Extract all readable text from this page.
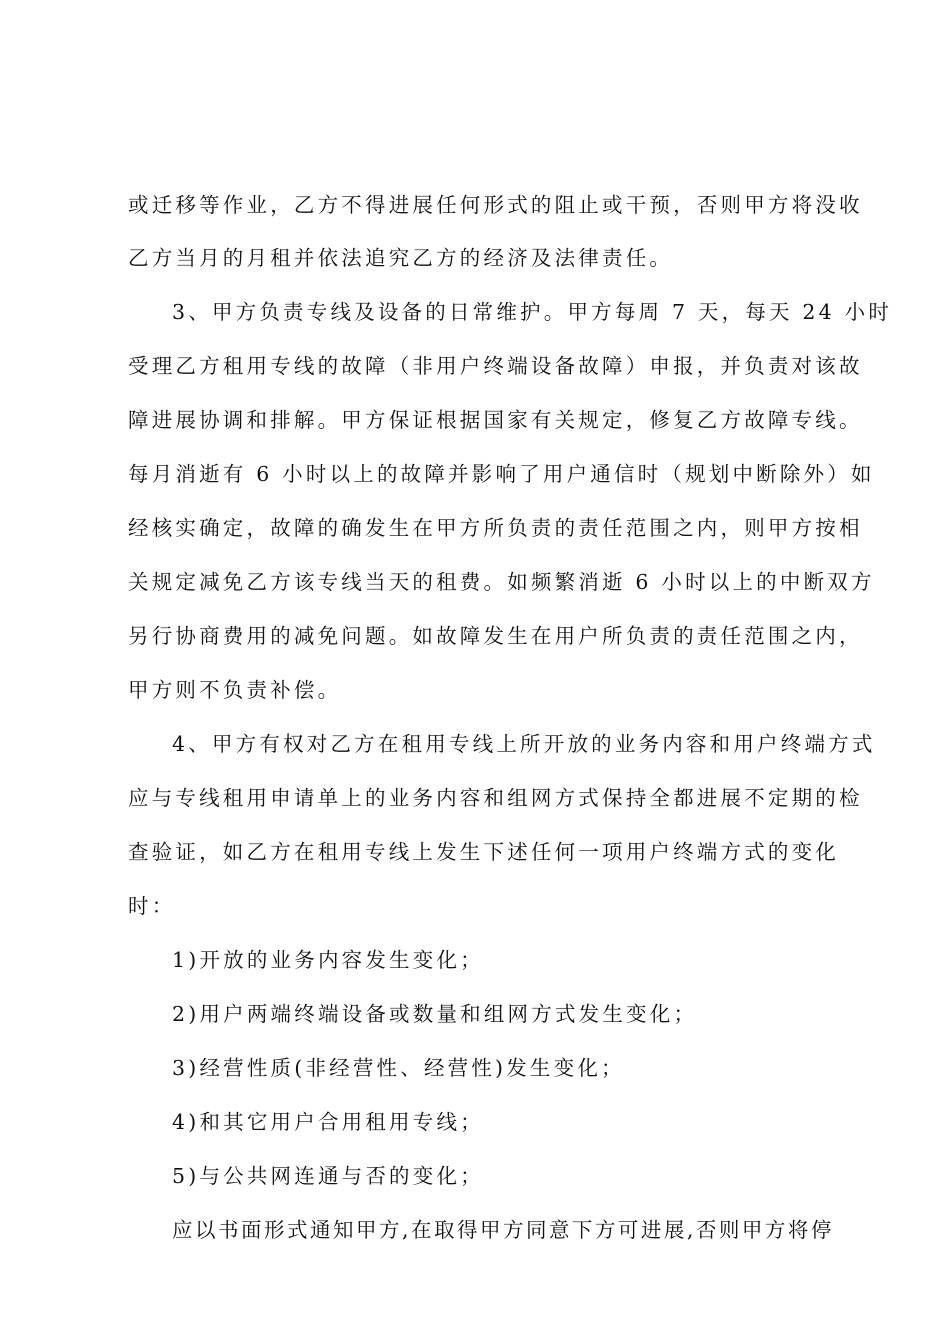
或迁移等作业，乙方不得进展任何形式的阻止或干预，否则甲方将没收
乙方当月的月租并依法追究乙方的经济及法律责任。
3、甲方负责专线及设备的日常维护。甲方每周 7 天，每天 24 小时
受理乙方租用专线的故障（非用户终端设备故障）申报，并负责对该故
障进展协调和排解。甲方保证根据国家有关规定，修复乙方故障专线。
每月消逝有 6 小时以上的故障并影响了用户通信时（规划中断除外）如
经核实确定，故障的确发生在甲方所负责的责任范围之内，则甲方按相
关规定减免乙方该专线当天的租费。如频繁消逝 6 小时以上的中断双方
另行协商费用的减免问题。如故障发生在用户所负责的责任范围之内，
甲方则不负责补偿。
4、甲方有权对乙方在租用专线上所开放的业务内容和用户终端方式
应与专线租用申请单上的业务内容和组网方式保持全都进展不定期的检
查验证，如乙方在租用专线上发生下述任何一项用户终端方式的变化
时：
1)开放的业务内容发生变化；
2)用户两端终端设备或数量和组网方式发生变化；
3)经营性质(非经营性、经营性)发生变化；
4)和其它用户合用租用专线；
5)与公共网连通与否的变化；
应以书面形式通知甲方,在取得甲方同意下方可进展,否则甲方将停
